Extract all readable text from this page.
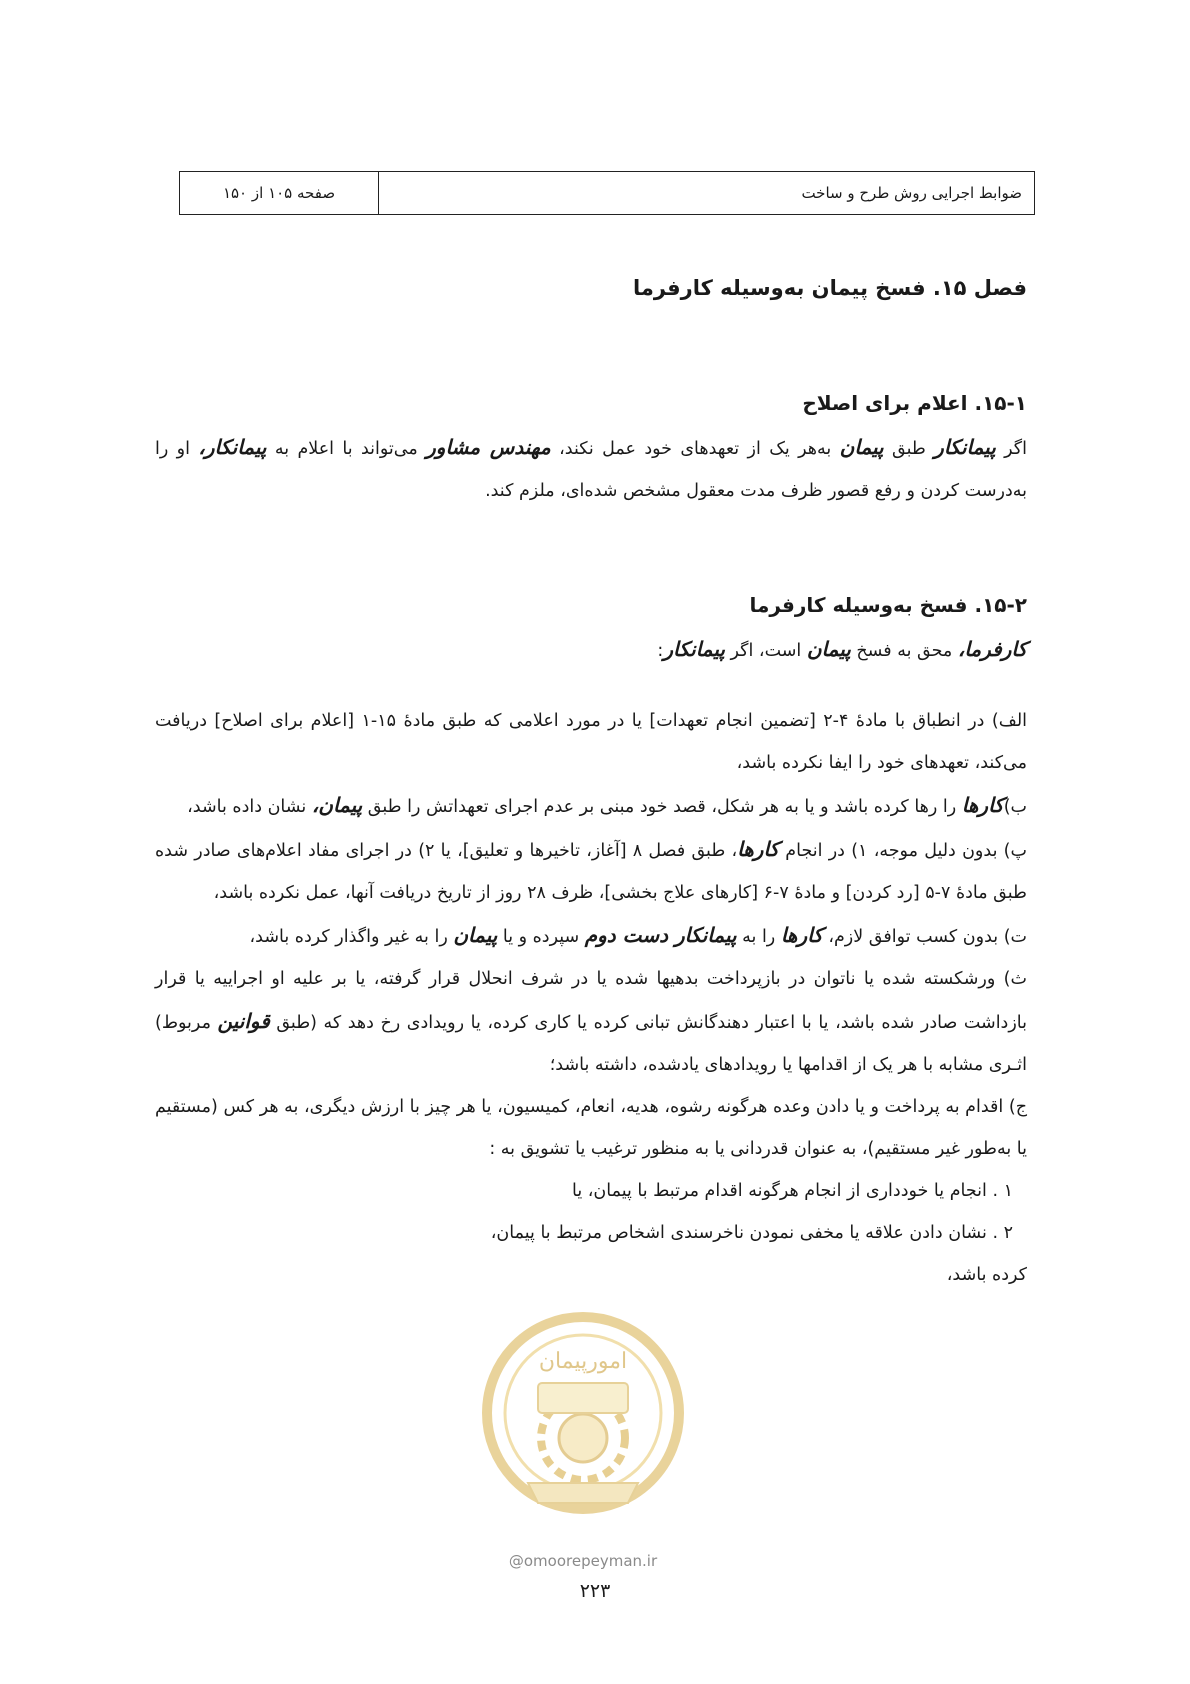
ضوابط اجرایی روش طرح و ساخت
صفحه ۱۰۵ از ۱۵۰
فصل ۱۵. فسخ پیمان به‌وسیله کارفرما
۱۵-۱. اعلام برای اصلاح

اگر پیمانکار طبق پیمان به‌هر یک از تعهدهای خود عمل نکند، مهندس مشاور می‌تواند با اعلام به پیمانکار، او را به‌درست کردن و رفع قصور ظرف مدت معقول مشخص شده‌ای، ملزم کند.

۱۵-۲. فسخ به‌وسیله کارفرما

کارفرما، محق به فسخ پیمان است، اگر پیمانکار:

الف) در انطباق با مادهٔ ۴-۲ [تضمین انجام تعهدات] یا در مورد اعلامی که طبق مادهٔ ۱۵-۱ [اعلام برای اصلاح] دریافت می‌کند، تعهدهای خود را ایفا نکرده باشد،

ب)کارها را رها کرده باشد و یا به هر شکل، قصد خود مبنی بر عدم اجرای تعهداتش را طبق پیمان، نشان داده باشد،

پ) بدون دلیل موجه، ۱) در انجام کارها، طبق فصل ۸ [آغاز، تاخیرها و تعلیق]، یا ۲) در اجرای مفاد اعلام‌های صادر شده طبق مادهٔ ۷-۵ [رد کردن] و مادهٔ ۷-۶ [کارهای علاج بخشی]، ظرف ۲۸ روز از تاریخ دریافت آنها، عمل نکرده باشد،

ت) بدون کسب توافق لازم، کارها را به پیمانکار دست دوم سپرده و یا پیمان را به غیر واگذار کرده باشد،

ث) ورشکسته شده یا ناتوان در بازپرداخت بدهیها شده یا در شرف انحلال قرار گرفته، یا بر علیه او اجراییه یا قرار بازداشت صادر شده باشد، یا با اعتبار دهندگانش تبانی کرده یا کاری کرده، یا رویدادی رخ دهد که (طبق قوانین مربوط) اثـری مشابه با هر یک از اقدامها یا رویدادهای یادشده، داشته باشد؛

ج) اقدام به پرداخت و یا دادن وعده هرگونه رشوه، هدیه، انعام، کمیسیون، یا هر چیز با ارزش دیگری، به هر کس (مستقیم یا به‌طور غیر مستقیم)، به عنوان قدردانی یا به منظور ترغیب یا تشویق به :

۱ . انجام یا خودداری از انجام هرگونه اقدام مرتبط با پیمان، یا

۲ . نشان دادن علاقه یا مخفی نمودن ناخرسندی اشخاص مرتبط با پیمان،

کرده باشد،

امورپیمان
@omoorepeyman.ir
۲۲۳
